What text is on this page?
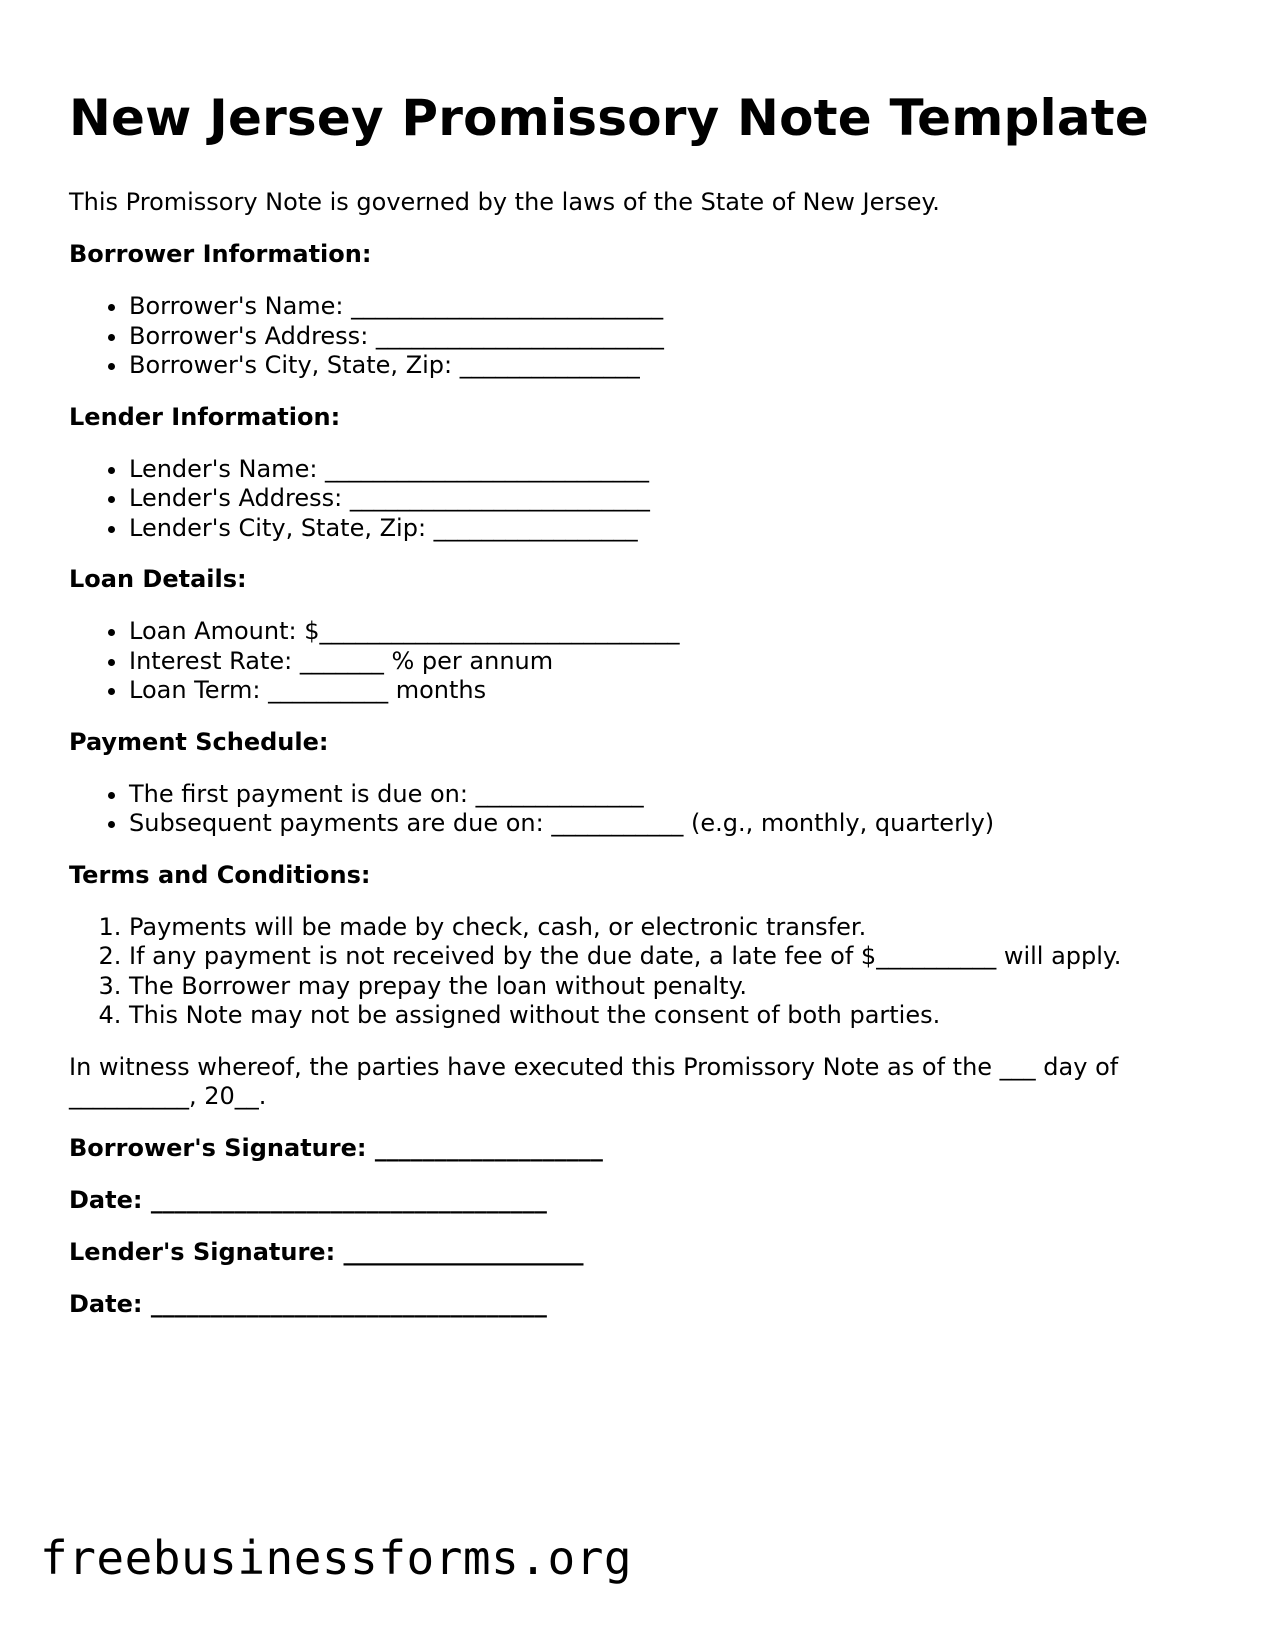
New Jersey Promissory Note Template

This Promissory Note is governed by the laws of the State of New Jersey.

Borrower Information:

• Borrower's Name: __________________________
• Borrower's Address: ________________________
• Borrower's City, State, Zip: _______________

Lender Information:

• Lender's Name: ___________________________
• Lender's Address: _________________________
• Lender's City, State, Zip: _________________

Loan Details:

• Loan Amount: $______________________________
• Interest Rate: _______ % per annum
• Loan Term: __________ months

Payment Schedule:

• The first payment is due on: ______________
• Subsequent payments are due on: ___________ (e.g., monthly, quarterly)

Terms and Conditions:

1. Payments will be made by check, cash, or electronic transfer.
2. If any payment is not received by the due date, a late fee of $__________ will apply.
3. The Borrower may prepay the loan without penalty.
4. This Note may not be assigned without the consent of both parties.

In witness whereof, the parties have executed this Promissory Note as of the ___ day of __________, 20__.

Borrower's Signature: ___________________
Date: _________________________________
Lender's Signature: ____________________
Date: _________________________________
freebusinessforms.org
